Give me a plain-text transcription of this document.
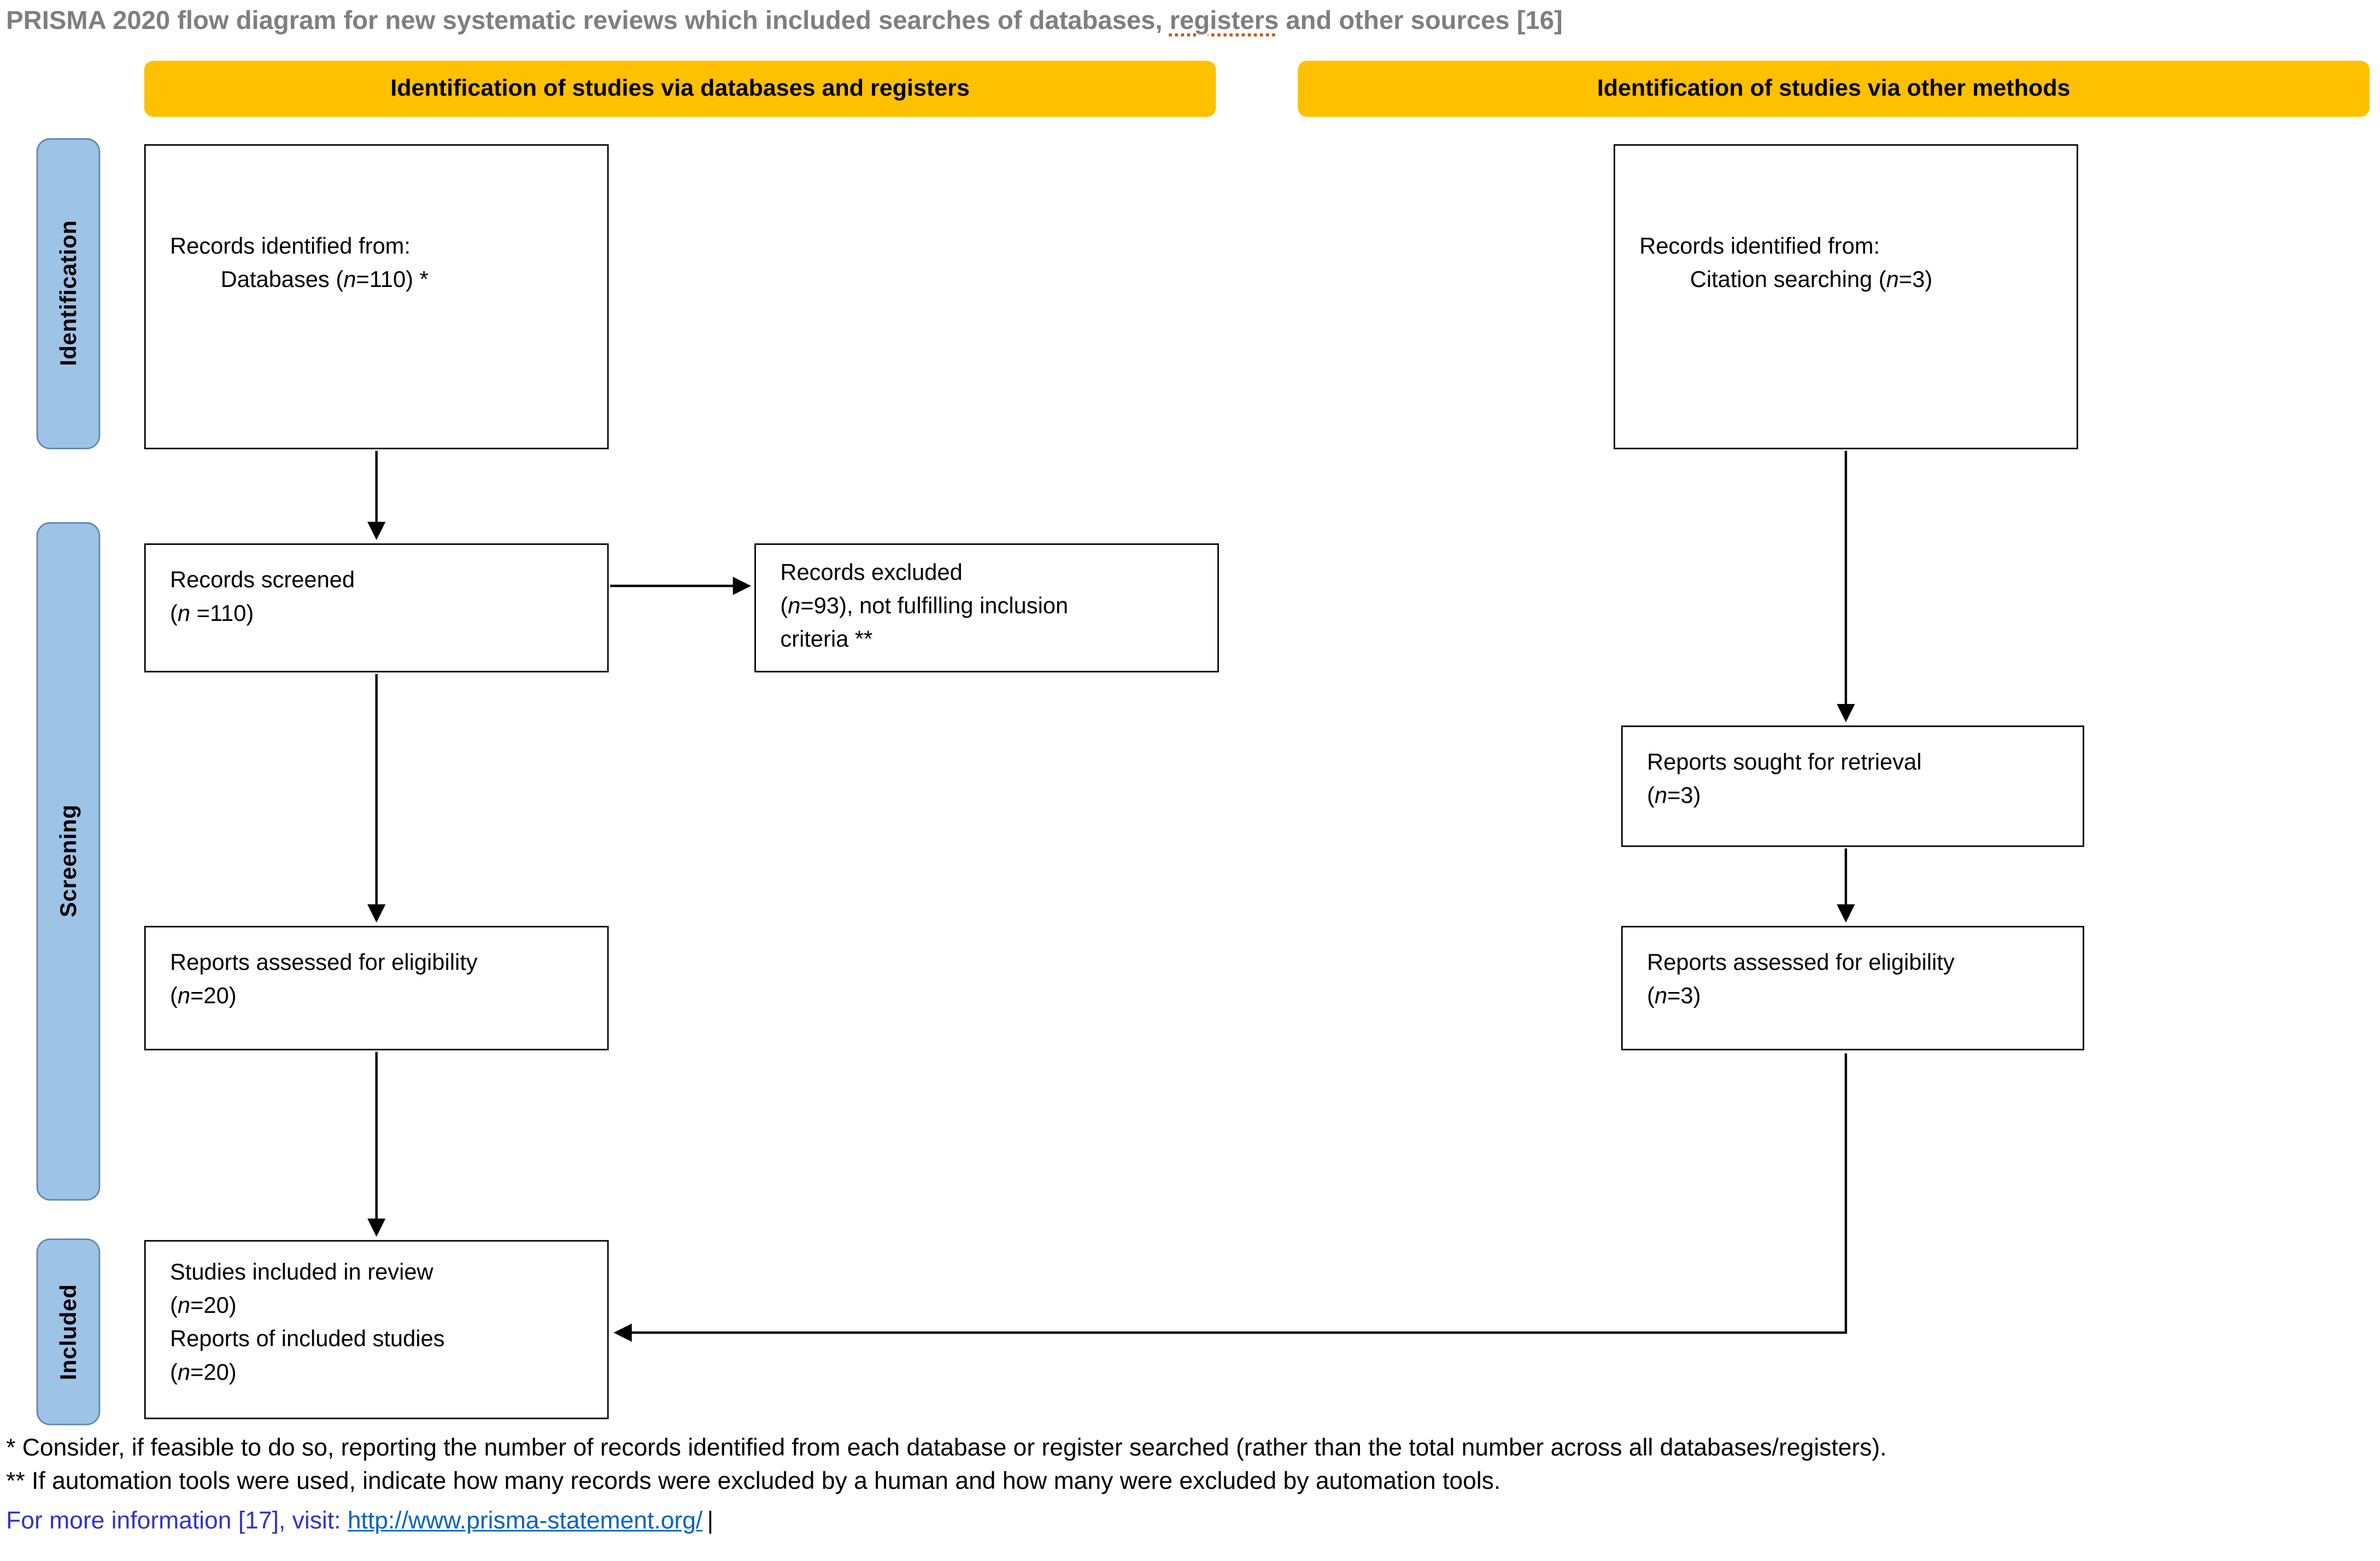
PRISMA 2020 flow diagram for new systematic reviews which included searches of databases, registers and other sources [16]
Identification of studies via databases and registers	Identification of studies via other methods
Identification
Screening
Included
Records identified from:
Databases (n=110) *
Records screened
(n =110)
Records excluded
(n=93), not fulfilling inclusion
criteria **
Reports assessed for eligibility
(n=20)
Studies included in review
(n=20)
Reports of included studies
(n=20)
Records identified from:
Citation searching (n=3)
Reports sought for retrieval
(n=3)
Reports assessed for eligibility
(n=3)
* Consider, if feasible to do so, reporting the number of records identified from each database or register searched (rather than the total number across all databases/registers).
** If automation tools were used, indicate how many records were excluded by a human and how many were excluded by automation tools.
For more information [17], visit: http://www.prisma-statement.org/ |
